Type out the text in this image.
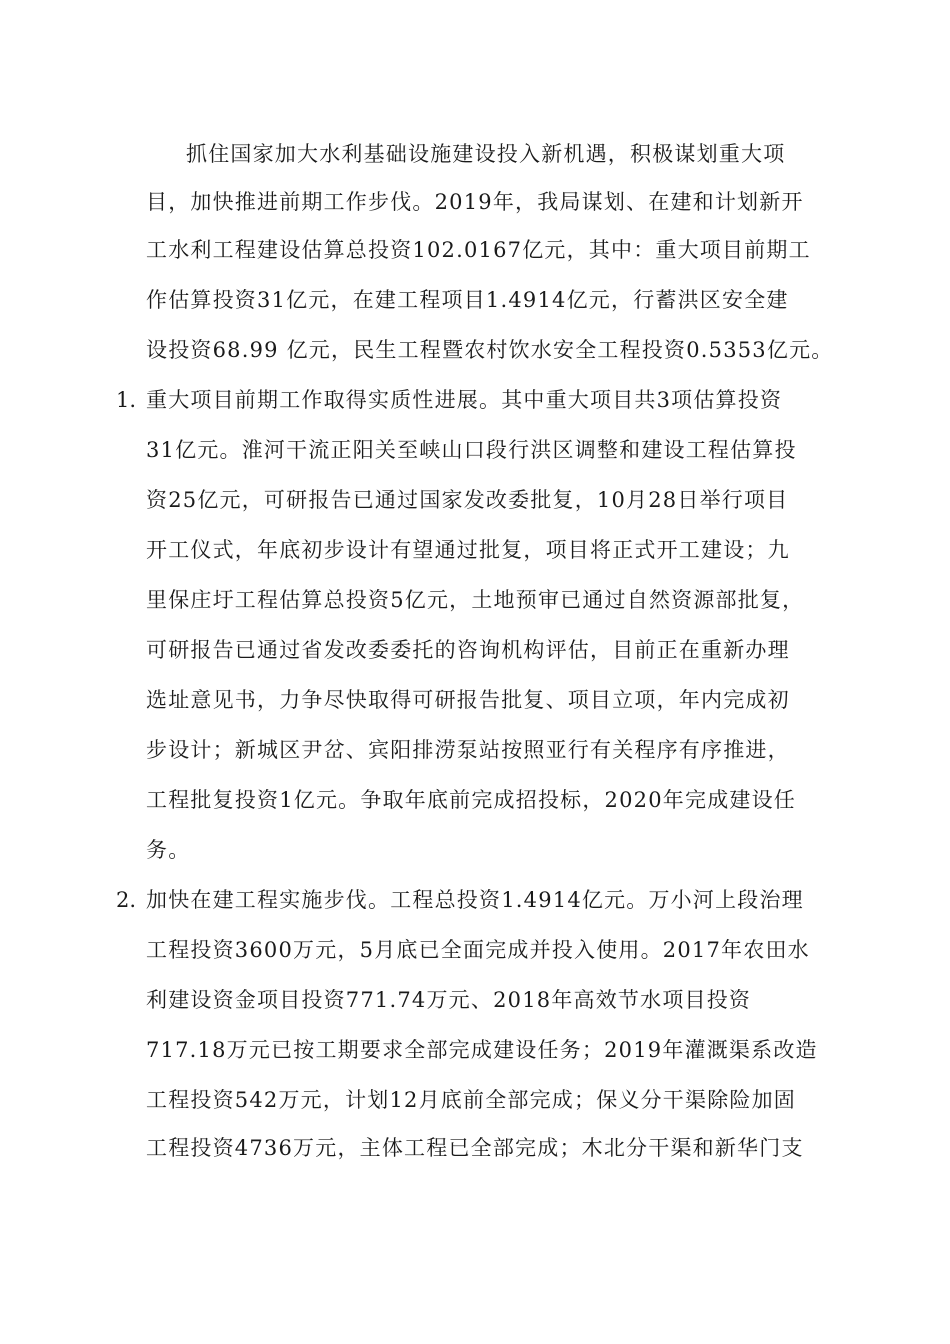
抓住国家加大水利基础设施建设投入新机遇，积极谋划重大项
目，加快推进前期工作步伐。2019年，我局谋划、在建和计划新开
工水利工程建设估算总投资102.0167亿元，其中：重大项目前期工
作估算投资31亿元，在建工程项目1.4914亿元，行蓄洪区安全建
设投资68.99 亿元，民生工程暨农村饮水安全工程投资0.5353亿元。
1. 重大项目前期工作取得实质性进展。其中重大项目共3项估算投资
31亿元。淮河干流正阳关至峡山口段行洪区调整和建设工程估算投
资25亿元，可研报告已通过国家发改委批复，10月28日举行项目
开工仪式，年底初步设计有望通过批复，项目将正式开工建设；九
里保庄圩工程估算总投资5亿元，土地预审已通过自然资源部批复，
可研报告已通过省发改委委托的咨询机构评估，目前正在重新办理
选址意见书，力争尽快取得可研报告批复、项目立项，年内完成初
步设计；新城区尹岔、宾阳排涝泵站按照亚行有关程序有序推进，
工程批复投资1亿元。争取年底前完成招投标，2020年完成建设任
务。
2. 加快在建工程实施步伐。工程总投资1.4914亿元。万小河上段治理
工程投资3600万元，5月底已全面完成并投入使用。2017年农田水
利建设资金项目投资771.74万元、2018年高效节水项目投资
717.18万元已按工期要求全部完成建设任务；2019年灌溉渠系改造
工程投资542万元，计划12月底前全部完成；保义分干渠除险加固
工程投资4736万元，主体工程已全部完成；木北分干渠和新华门支
